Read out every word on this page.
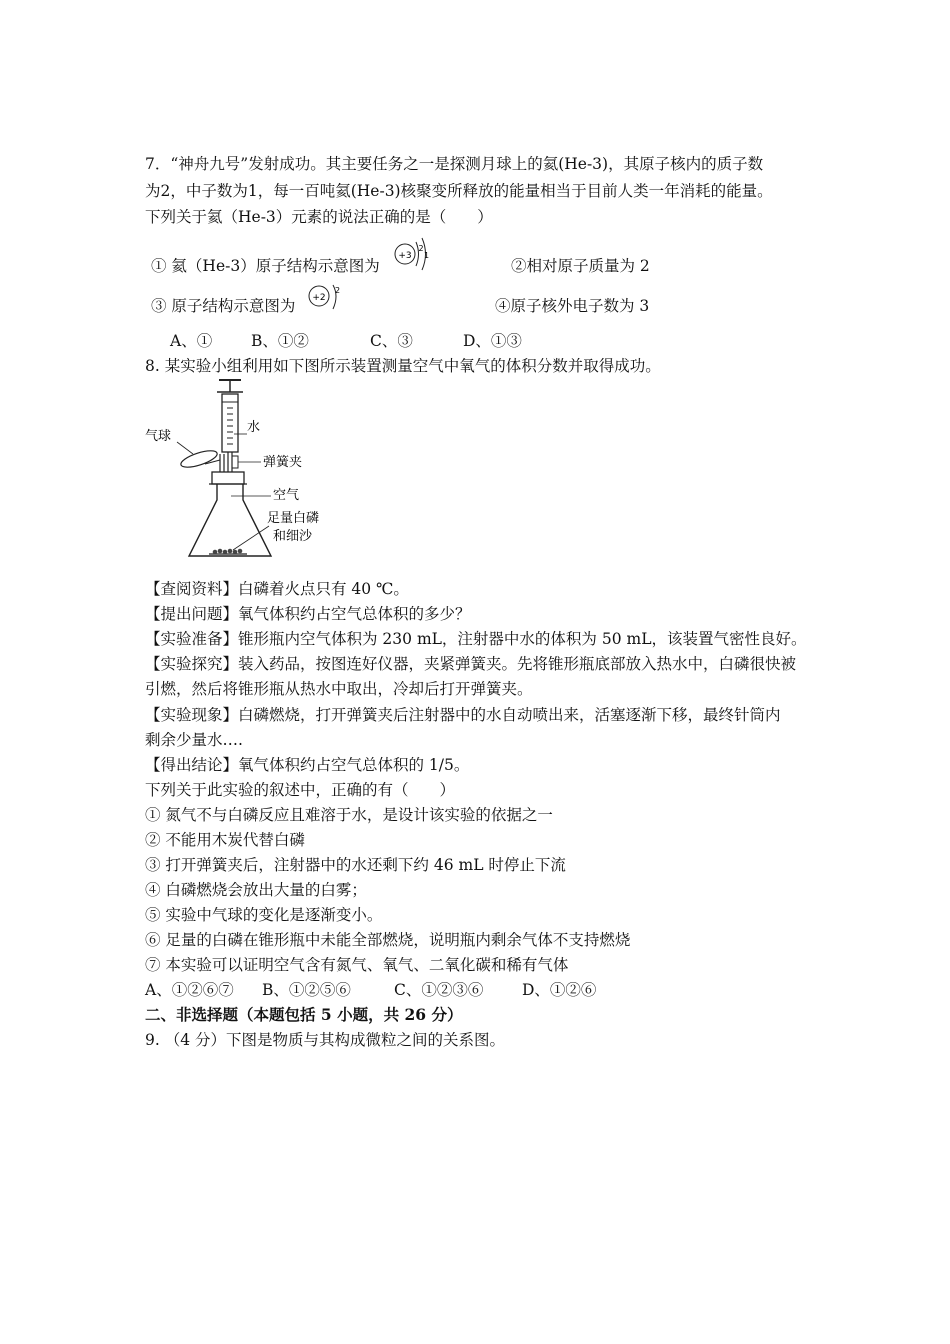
7．“神舟九号”发射成功。其主要任务之一是探测月球上的氦(He-3)，其原子核内的质子数
为2，中子数为1，每一百吨氦(He-3)核聚变所释放的能量相当于目前人类一年消耗的能量。
下列关于氦（He-3）元素的说法正确的是（　　）
① 氦（He-3）原子结构示意图为
+3
2
1
②相对原子质量为 2
③ 原子结构示意图为 +2
2
④原子核外电子数为 3
A、①	B、①②	C、③	D、①③
8. 某实验小组利用如下图所示装置测量空气中氧气的体积分数并取得成功。
气球
水
弹簧夹
空气
足量白磷
和细沙
【查阅资料】白磷着火点只有 40 ℃。
【提出问题】氧气体积约占空气总体积的多少？
【实验准备】锥形瓶内空气体积为 230 mL，注射器中水的体积为 50 mL，该装置气密性良好。
【实验探究】装入药品，按图连好仪器，夹紧弹簧夹。先将锥形瓶底部放入热水中，白磷很快被
引燃，然后将锥形瓶从热水中取出，冷却后打开弹簧夹。
【实验现象】白磷燃烧，打开弹簧夹后注射器中的水自动喷出来，活塞逐渐下移，最终针筒内
剩余少量水….
【得出结论】氧气体积约占空气总体积的 1/5。
下列关于此实验的叙述中，正确的有（　　）
① 氮气不与白磷反应且难溶于水，是设计该实验的依据之一
② 不能用木炭代替白磷
③ 打开弹簧夹后，注射器中的水还剩下约 46 mL 时停止下流
④ 白磷燃烧会放出大量的白雾；
⑤ 实验中气球的变化是逐渐变小。
⑥ 足量的白磷在锥形瓶中未能全部燃烧，说明瓶内剩余气体不支持燃烧
⑦ 本实验可以证明空气含有氮气、氧气、二氧化碳和稀有气体
A、①②⑥⑦ B、①②⑤⑥	C、①②③⑥ D、①②⑥
二、非选择题（本题包括 5 小题，共 26 分）
9. （4 分）下图是物质与其构成微粒之间的关系图。
